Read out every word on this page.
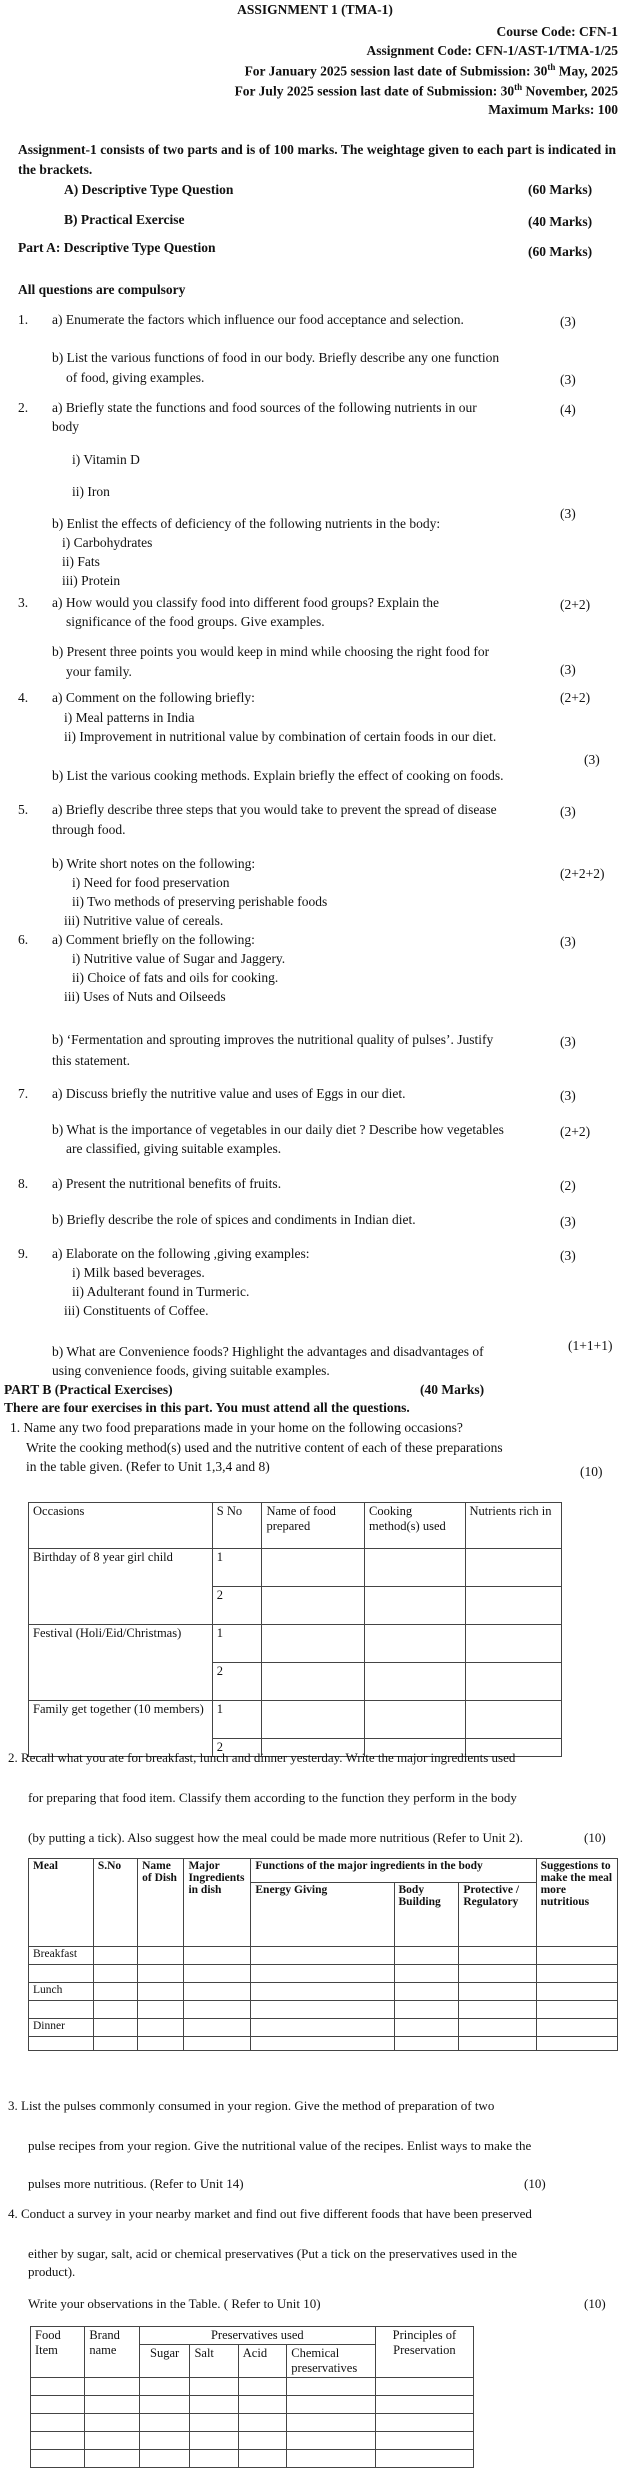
ASSIGNMENT 1 (TMA-1)
Course Code: CFN-1
Assignment Code: CFN-1/AST-1/TMA-1/25
For January 2025 session last date of Submission: 30th May, 2025
For July 2025 session last date of Submission: 30th November, 2025
Maximum Marks: 100
Assignment-1 consists of two parts and is of 100 marks. The weightage given to each part is indicated in the brackets.
A) Descriptive Type Question	(60 Marks)
B) Practical Exercise	(40 Marks)
Part A: Descriptive Type Question	(60 Marks)
All questions are compulsory
1. a) Enumerate the factors which influence our food acceptance and selection.	(3)
b) List the various functions of food in our body. Briefly describe any one function
of food, giving examples.	(3)
2. a) Briefly state the functions and food sources of the following nutrients in our	(4)
body
i) Vitamin D
ii) Iron
b) Enlist the effects of deficiency of the following nutrients in the body:
(3)
i) Carbohydrates
ii) Fats
iii) Protein
3. a) How would you classify food into different food groups? Explain the	(2+2)
significance of the food groups. Give examples.
b) Present three points you would keep in mind while choosing the right food for
your family.	(3)
4. a) Comment on the following briefly:	(2+2)
i) Meal patterns in India
ii) Improvement in nutritional value by combination of certain foods in our diet.
(3)
b) List the various cooking methods. Explain briefly the effect of cooking on foods.
5. a) Briefly describe three steps that you would take to prevent the spread of disease	(3)
through food.
b) Write short notes on the following:
(2+2+2)
i) Need for food preservation
ii) Two methods of preserving perishable foods
iii) Nutritive value of cereals.
6. a) Comment briefly on the following:	(3)
i) Nutritive value of Sugar and Jaggery.
ii) Choice of fats and oils for cooking.
iii) Uses of Nuts and Oilseeds
b) ‘Fermentation and sprouting improves the nutritional quality of pulses’. Justify	(3)
this statement.
7. a) Discuss briefly the nutritive value and uses of Eggs in our diet.	(3)
b) What is the importance of vegetables in our daily diet ? Describe how vegetables	(2+2)
are classified, giving suitable examples.
8. a) Present the nutritional benefits of fruits.	(2)
b) Briefly describe the role of spices and condiments in Indian diet.	(3)
9. a) Elaborate on the following ,giving examples:	(3)
i) Milk based beverages.
ii) Adulterant found in Turmeric.
iii) Constituents of Coffee.
b) What are Convenience foods? Highlight the advantages and disadvantages of	(1+1+1)
using convenience foods, giving suitable examples.
PART B (Practical Exercises)	(40 Marks)
There are four exercises in this part. You must attend all the questions.
1. Name any two food preparations made in your home on the following occasions?
Write the cooking method(s) used and the nutritive content of each of these preparations
in the table given. (Refer to Unit 1,3,4 and 8)	(10)
Occasions	S No	Name of food prepared	Cooking method(s) used	Nutrients rich in
Birthday of 8 year girl child	1			
	2			
Festival (Holi/Eid/Christmas)	1			
	2			
Family get together (10 members)	1			
	2			
2. Recall what you ate for breakfast, lunch and dinner yesterday. Write the major ingredients used
for preparing that food item. Classify them according to the function they perform in the body
(by putting a tick). Also suggest how the meal could be made more nutritious (Refer to Unit 2).	(10)
Meal	S.No	Name of Dish	Major Ingredients in dish	Functions of the major ingredients in the body			Suggestions to make the meal more nutritious
				Energy Giving	Body Building	Protective / Regulatory	
Breakfast							

Lunch							

Dinner							

3. List the pulses commonly consumed in your region. Give the method of preparation of two
pulse recipes from your region. Give the nutritional value of the recipes. Enlist ways to make the
pulses more nutritious. (Refer to Unit 14)	(10)
4. Conduct a survey in your nearby market and find out five different foods that have been preserved
either by sugar, salt, acid or chemical preservatives (Put a tick on the preservatives used in the
product).
Write your observations in the Table. ( Refer to Unit 10)	(10)
Food Item	Brand name	Preservatives used				Principles of Preservation
		Sugar	Salt	Acid	Chemical preservatives	
